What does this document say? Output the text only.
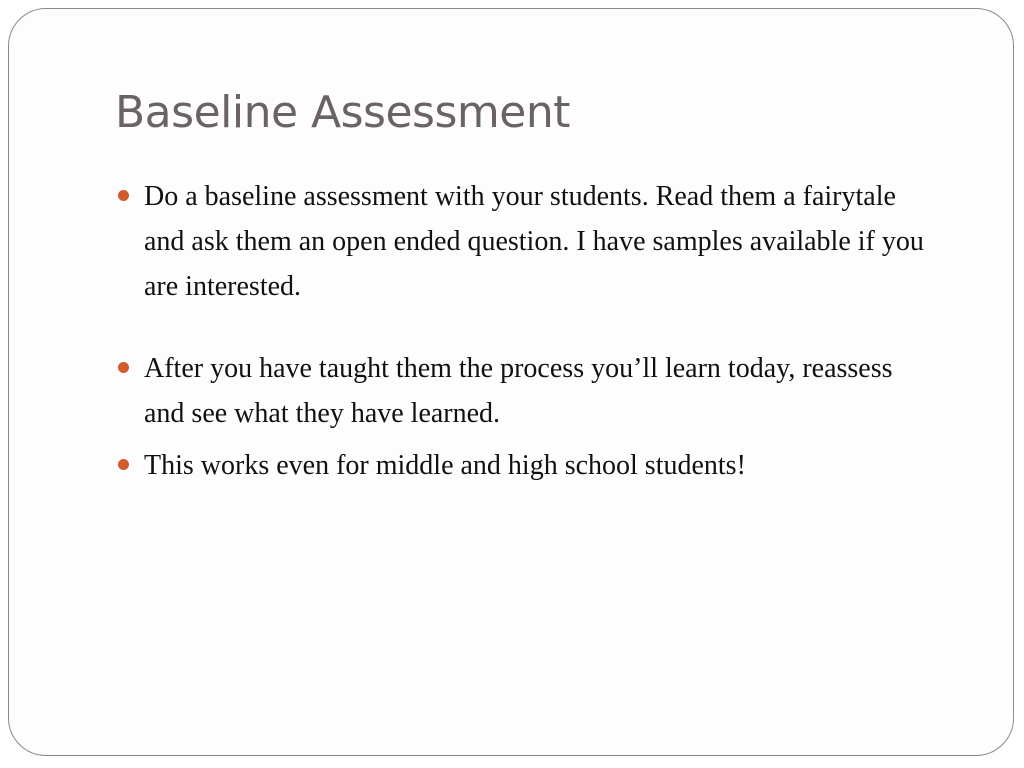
Baseline Assessment
Do a baseline assessment with your students. Read them a fairytale and ask them an open ended question. I have samples available if you are interested.
After you have taught them the process you’ll learn today, reassess and see what they have learned.
This works even for middle and high school students!
